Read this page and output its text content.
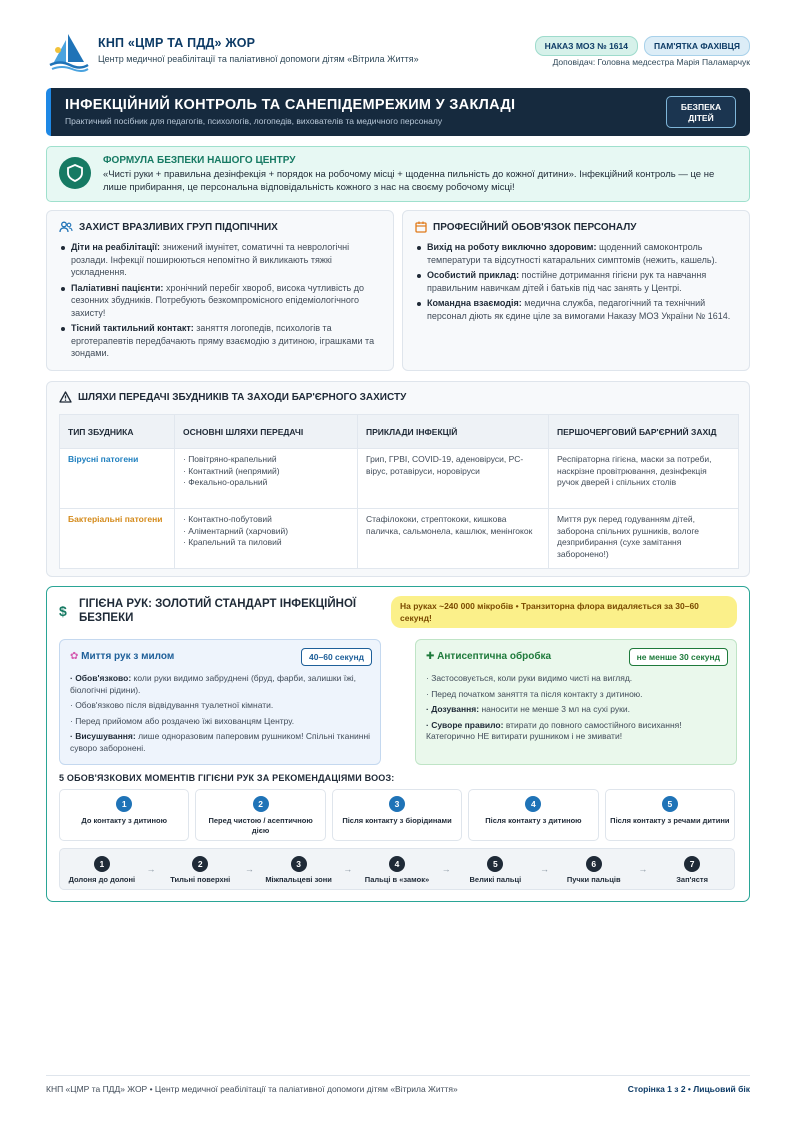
КНП «ЦМР ТА ПДД» ЖОР
Центр медичної реабілітації та паліативної допомоги дітям «Вітрила Життя»
НАКАЗ МОЗ № 1614	ПАМ'ЯТКА ФАХІВЦЯ
Доповідач: Головна медсестра Марія Паламарчук
ІНФЕКЦІЙНИЙ КОНТРОЛЬ ТА САНЕПІДЕМРЕЖИМ У ЗАКЛАДІ
Практичний посібник для педагогів, психологів, логопедів, вихователів та медичного персоналу
БЕЗПЕКА
ДІТЕЙ
ФОРМУЛА БЕЗПЕКИ НАШОГО ЦЕНТРУ
«Чисті руки + правильна дезінфекція + порядок на робочому місці + щоденна пильність до кожної дитини». Інфекційний контроль — це не лише прибирання, це персональна відповідальність кожного з нас на своєму робочому місці!
ЗАХИСТ ВРАЗЛИВИХ ГРУП ПІДОПІЧНИХ
Діти на реабілітації: знижений імунітет, соматичні та неврологічні розлади. Інфекції поширюються непомітно й викликають тяжкі ускладнення.
Паліативні пацієнти: хронічний перебіг хвороб, висока чутливість до сезонних збудників. Потребують безкомпромісного епідеміологічного захисту!
Тісний тактильний контакт: заняття логопедів, психологів та ерготерапевтів передбачають пряму взаємодію з дитиною, іграшками та зондами.
ПРОФЕСІЙНИЙ ОБОВ'ЯЗОК ПЕРСОНАЛУ
Вихід на роботу виключно здоровим: щоденний самоконтроль температури та відсутності катаральних симптомів (нежить, кашель).
Особистий приклад: постійне дотримання гігієни рук та навчання правильним навичкам дітей і батьків під час занять у Центрі.
Командна взаємодія: медична служба, педагогічний та технічний персонал діють як єдине ціле за вимогами Наказу МОЗ України № 1614.
ШЛЯХИ ПЕРЕДАЧІ ЗБУДНИКІВ ТА ЗАХОДИ БАР'ЄРНОГО ЗАХИСТУ
ТИП ЗБУДНИКА	ОСНОВНІ ШЛЯХИ ПЕРЕДАЧІ	ПРИКЛАДИ ІНФЕКЦІЙ	ПЕРШОЧЕРГОВИЙ БАР'ЄРНИЙ ЗАХІД
Вірусні патогени	· Повітряно-крапельний
· Контактний (непрямий)
· Фекально-оральний	Грип, ГРВІ, COVID-19, аденовіруси, РС-вірус, ротавіруси, норовіруси	Респіраторна гігієна, маски за потреби, наскрізне провітрювання, дезінфекція ручок дверей і спільних столів
Бактеріальні патогени	· Контактно-побутовий
· Аліментарний (харчовий)
· Крапельний та пиловий	Стафілококи, стрептококи, кишкова паличка, сальмонела, кашлюк, менінгокок	Миття рук перед годуванням дітей, заборона спільних рушників, вологе дезприбирання (сухе замітання заборонено!)
$ ГІГІЄНА РУК: ЗОЛОТИЙ СТАНДАРТ ІНФЕКЦІЙНОЇ БЕЗПЕКИ
На руках ~240 000 мікробів • Транзиторна флора видаляється за 30–60 секунд!
✿ Миття рук з милом	40–60 секунд
· Обов'язково: коли руки видимо забруднені (бруд, фарби, залишки їжі, біологічні рідини).
· Обов'язково після відвідування туалетної кімнати.
· Перед прийомом або роздачею їжі вихованцям Центру.
· Висушування: лише одноразовим паперовим рушником! Спільні тканинні суворо заборонені.
✚ Антисептична обробка	не менше 30 секунд
· Застосовується, коли руки видимо чисті на вигляд.
· Перед початком заняття та після контакту з дитиною.
· Дозування: наносити не менше 3 мл на сухі руки.
· Суворе правило: втирати до повного самостійного висихання! Категорично НЕ витирати рушником і не змивати!
5 ОБОВ'ЯЗКОВИХ МОМЕНТІВ ГІГІЄНИ РУК ЗА РЕКОМЕНДАЦІЯМИ ВООЗ:
1
До контакту з дитиною
2
Перед чистою / асептичною дією
3
Після контакту з біорідинами
4
Після контакту з дитиною
5
Після контакту з речами дитини
1
Долоня до долоні
→	2
Тильні поверхні
→	3
Міжпальцеві зони
→	4
Пальці в «замок»
→	5
Великі пальці
→	6
Пучки пальців
→	7
Зап'ястя
КНП «ЦМР та ПДД» ЖОР • Центр медичної реабілітації та паліативної допомоги дітям «Вітрила Життя»	Сторінка 1 з 2 • Лицьовий бік
